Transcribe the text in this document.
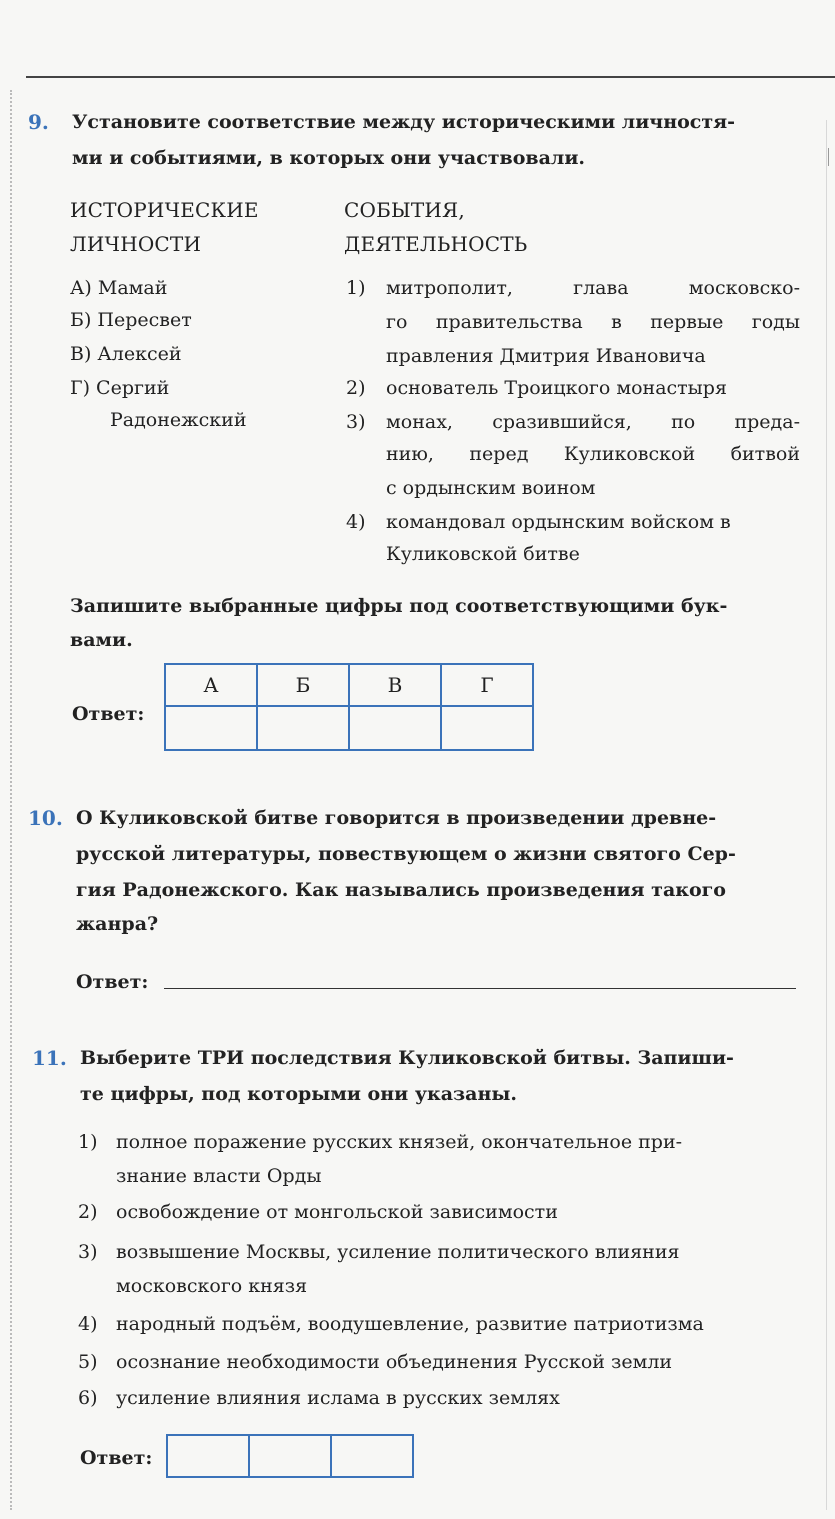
9. Установите соответствие между историческими личностя-
ми и событиями, в которых они участвовали.
ИСТОРИЧЕСКИЕ
ЛИЧНОСТИ
СОБЫТИЯ,
ДЕЯТЕЛЬНОСТЬ
А) Мамай
Б) Пересвет
В) Алексей
Г) Сергий
Радонежский
1) митрополит, глава московско-
го правительства в первые годы
правления Дмитрия Ивановича
2) основатель Троицкого монастыря
3) монах, сразившийся, по преда-
нию, перед Куликовской битвой
с ордынским воином
4) командовал ордынским войском в
Куликовской битве
Запишите выбранные цифры под соответствующими бук-
вами.
Ответ:
А	Б	В	Г

10. О Куликовской битве говорится в произведении древне-
русской литературы, повествующем о жизни святого Сер-
гия Радонежского. Как назывались произведения такого
жанра?
Ответ:
11. Выберите ТРИ последствия Куликовской битвы. Запиши-
те цифры, под которыми они указаны.
1) полное поражение русских князей, окончательное при-
знание власти Орды
2) освобождение от монгольской зависимости
3) возвышение Москвы, усиление политического влияния
московского князя
4) народный подъём, воодушевление, развитие патриотизма
5) осознание необходимости объединения Русской земли
6) усиление влияния ислама в русских землях
Ответ:
